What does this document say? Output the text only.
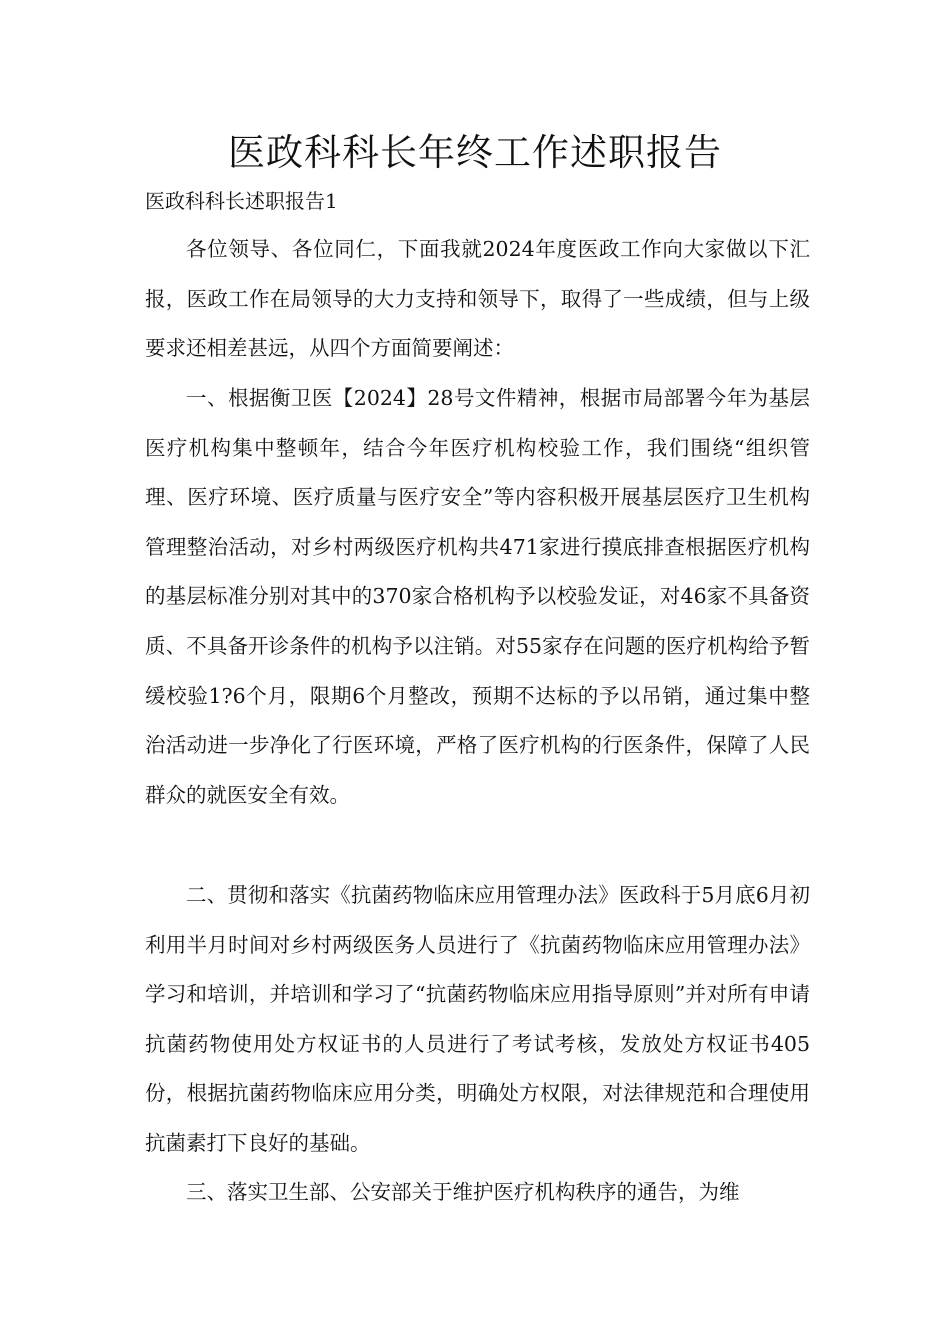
医政科科长年终工作述职报告

医政科科长述职报告1

各位领导、各位同仁，下面我就2024年度医政工作向大家做以下汇报，医政工作在局领导的大力支持和领导下，取得了一些成绩，但与上级要求还相差甚远，从四个方面简要阐述：

一、根据衡卫医【2024】28号文件精神，根据市局部署今年为基层医疗机构集中整顿年，结合今年医疗机构校验工作，我们围绕“组织管理、医疗环境、医疗质量与医疗安全”等内容积极开展基层医疗卫生机构管理整治活动，对乡村两级医疗机构共471家进行摸底排查根据医疗机构的基层标准分别对其中的370家合格机构予以校验发证，对46家不具备资质、不具备开诊条件的机构予以注销。对55家存在问题的医疗机构给予暂缓校验1?6个月，限期6个月整改，预期不达标的予以吊销，通过集中整治活动进一步净化了行医环境，严格了医疗机构的行医条件，保障了人民群众的就医安全有效。

二、贯彻和落实《抗菌药物临床应用管理办法》医政科于5月底6月初利用半月时间对乡村两级医务人员进行了《抗菌药物临床应用管理办法》学习和培训，并培训和学习了“抗菌药物临床应用指导原则”并对所有申请抗菌药物使用处方权证书的人员进行了考试考核，发放处方权证书405份，根据抗菌药物临床应用分类，明确处方权限，对法律规范和合理使用抗菌素打下良好的基础。

三、落实卫生部、公安部关于维护医疗机构秩序的通告，为维
